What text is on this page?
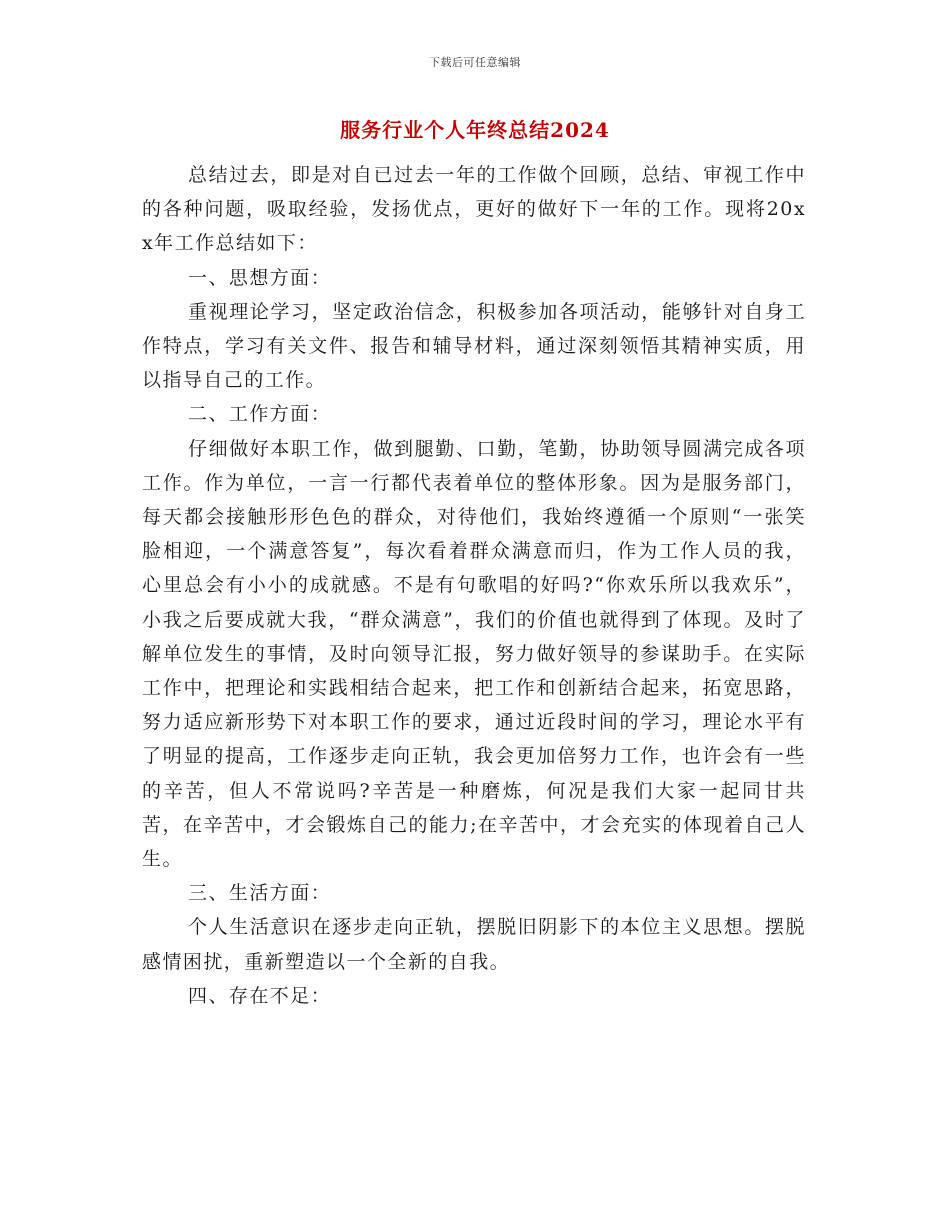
下载后可任意编辑
服务行业个人年终总结2024

总结过去，即是对自已过去一年的工作做个回顾，总结、审视工作中的各种问题，吸取经验，发扬优点，更好的做好下一年的工作。现将20xx年工作总结如下：

一、思想方面：

重视理论学习，坚定政治信念，积极参加各项活动，能够针对自身工作特点，学习有关文件、报告和辅导材料，通过深刻领悟其精神实质，用以指导自己的工作。

二、工作方面：

仔细做好本职工作，做到腿勤、口勤，笔勤，协助领导圆满完成各项工作。作为单位，一言一行都代表着单位的整体形象。因为是服务部门，每天都会接触形形色色的群众，对待他们，我始终遵循一个原则“一张笑脸相迎，一个满意答复”，每次看着群众满意而归，作为工作人员的我，心里总会有小小的成就感。不是有句歌唱的好吗?“你欢乐所以我欢乐”，小我之后要成就大我，“群众满意”，我们的价值也就得到了体现。及时了解单位发生的事情，及时向领导汇报，努力做好领导的参谋助手。在实际工作中，把理论和实践相结合起来，把工作和创新结合起来，拓宽思路，努力适应新形势下对本职工作的要求，通过近段时间的学习，理论水平有了明显的提高，工作逐步走向正轨，我会更加倍努力工作，也许会有一些的辛苦，但人不常说吗?辛苦是一种磨炼，何况是我们大家一起同甘共苦，在辛苦中，才会锻炼自己的能力;在辛苦中，才会充实的体现着自己人生。

三、生活方面：

个人生活意识在逐步走向正轨，摆脱旧阴影下的本位主义思想。摆脱感情困扰，重新塑造以一个全新的自我。

四、存在不足：
